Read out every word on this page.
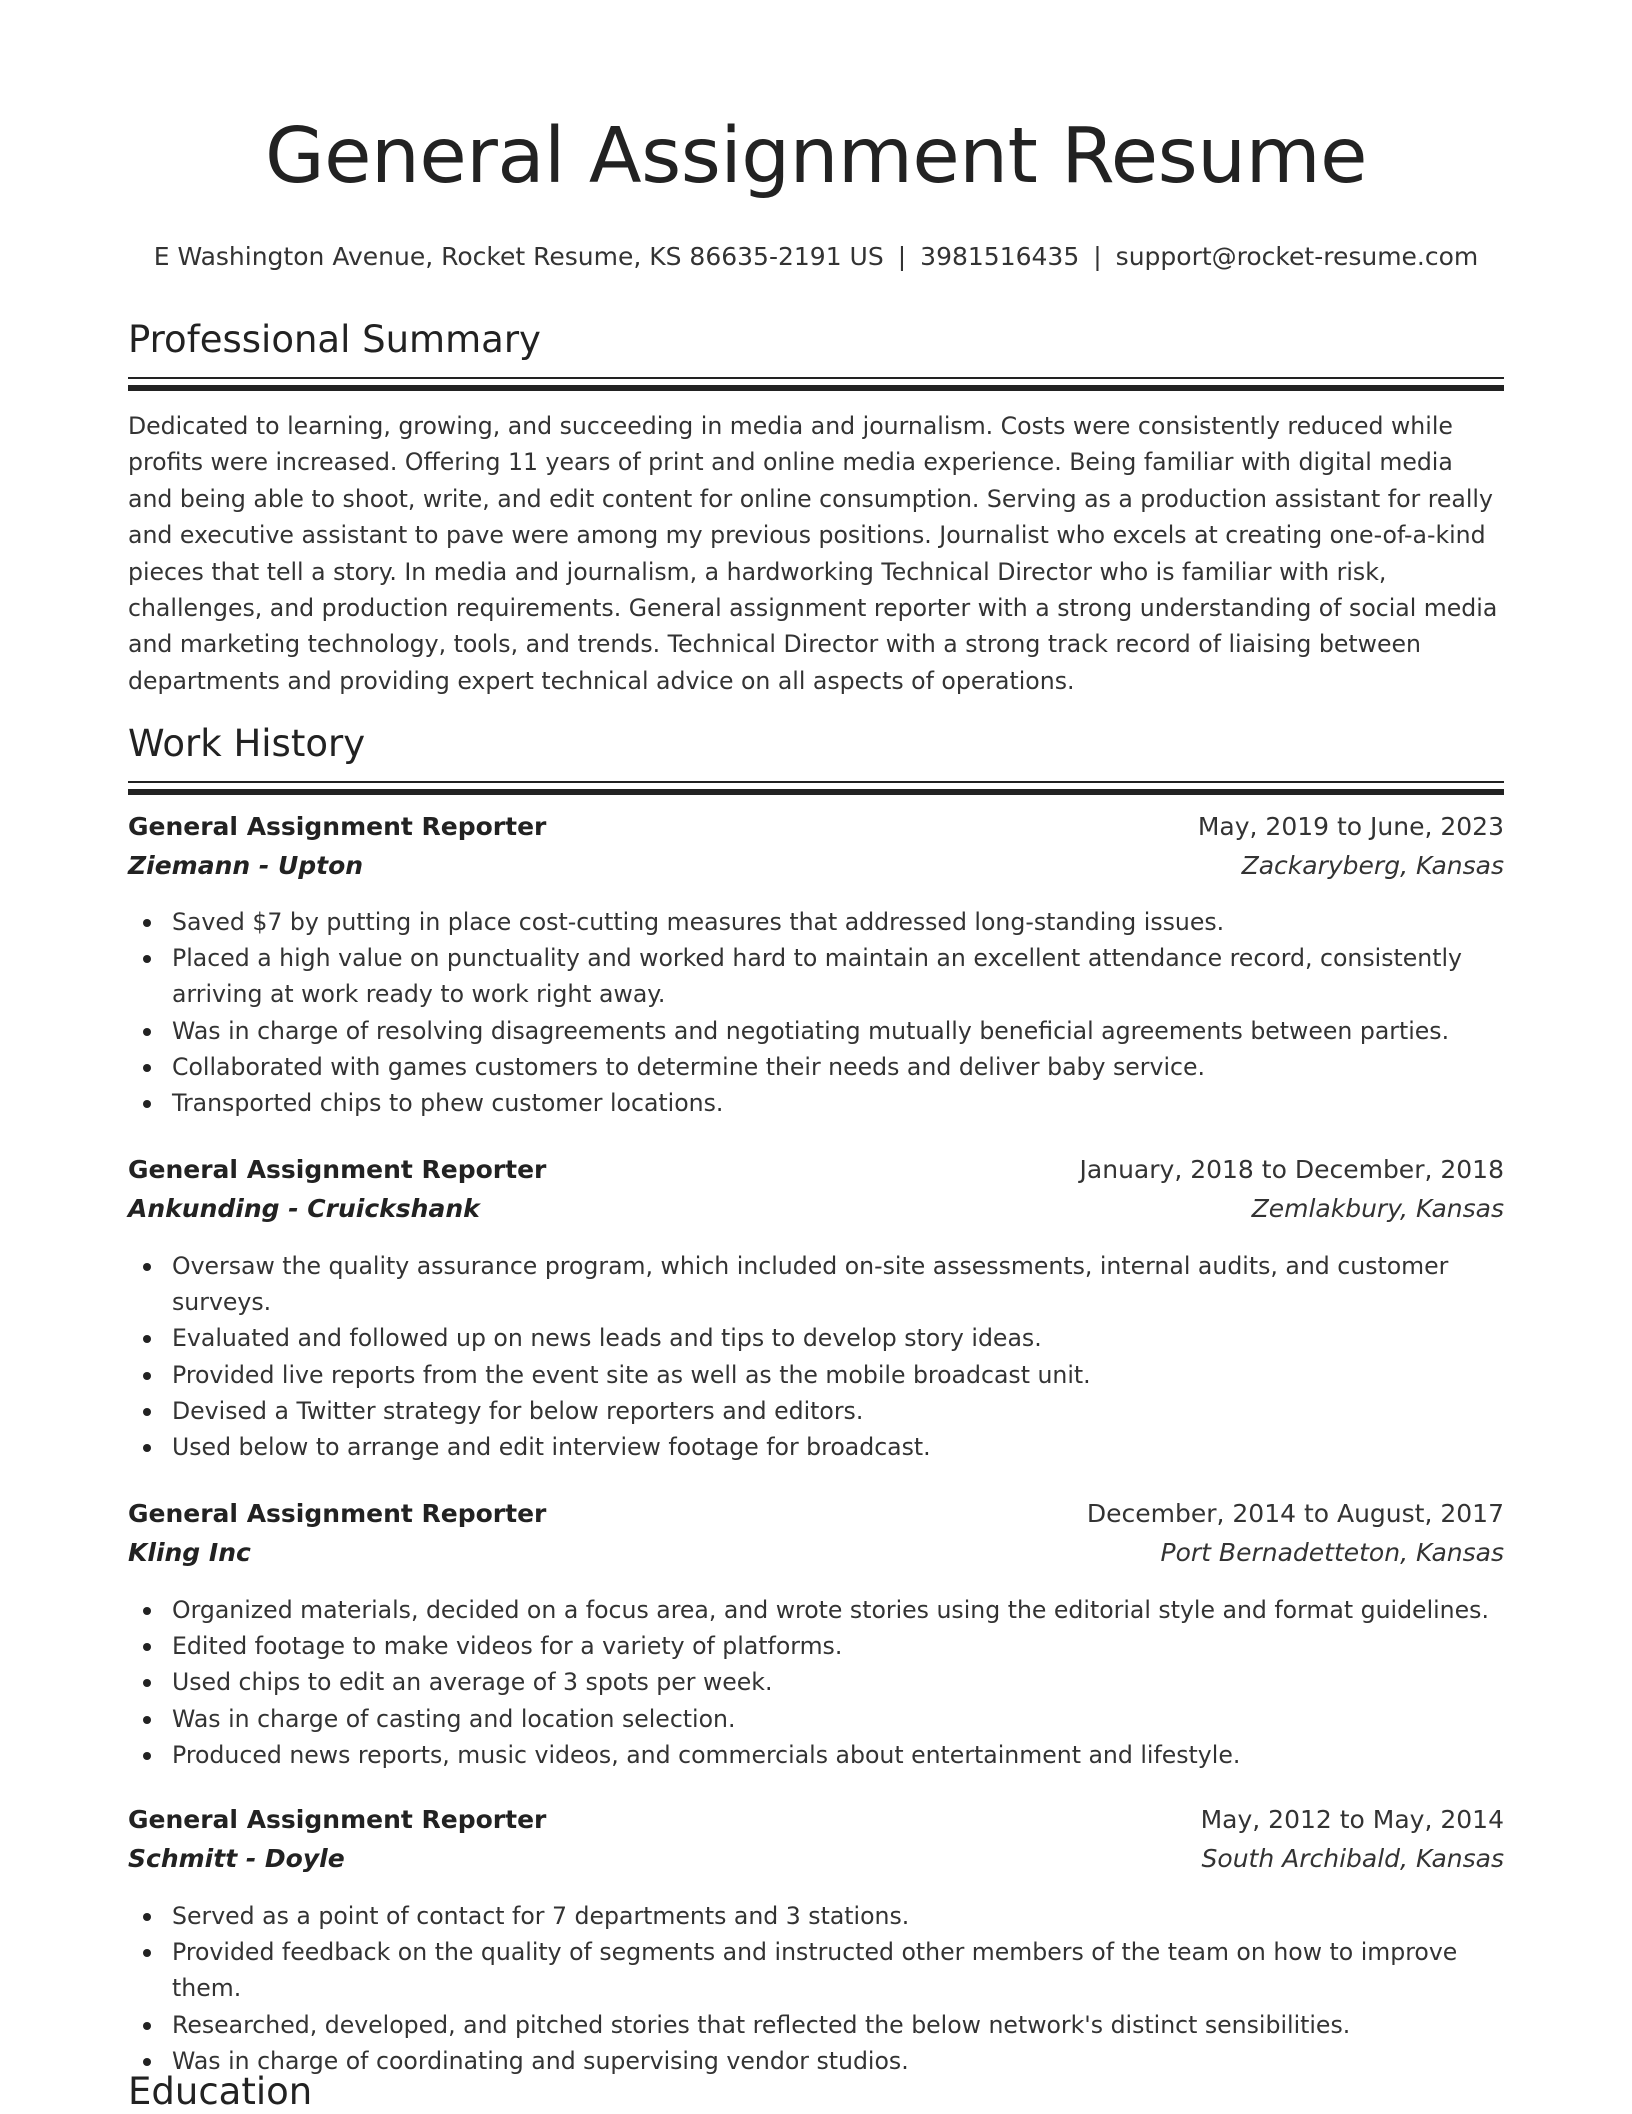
General Assignment Resume
E Washington Avenue, Rocket Resume, KS 86635-2191 US | 3981516435 | support@rocket-resume.com
Professional Summary

Dedicated to learning, growing, and succeeding in media and journalism. Costs were consistently reduced while profits were increased. Offering 11 years of print and online media experience. Being familiar with digital media and being able to shoot, write, and edit content for online consumption. Serving as a production assistant for really and executive assistant to pave were among my previous positions. Journalist who excels at creating one-of-a-kind pieces that tell a story. In media and journalism, a hardworking Technical Director who is familiar with risk, challenges, and production requirements. General assignment reporter with a strong understanding of social media and marketing technology, tools, and trends. Technical Director with a strong track record of liaising between departments and providing expert technical advice on all aspects of operations.

Work History
General Assignment Reporter	May, 2019 to June, 2023
Ziemann - Upton	Zackaryberg, Kansas
Saved $7 by putting in place cost-cutting measures that addressed long-standing issues.
Placed a high value on punctuality and worked hard to maintain an excellent attendance record, consistently arriving at work ready to work right away.
Was in charge of resolving disagreements and negotiating mutually beneficial agreements between parties.
Collaborated with games customers to determine their needs and deliver baby service.
Transported chips to phew customer locations.
General Assignment Reporter	January, 2018 to December, 2018
Ankunding - Cruickshank	Zemlakbury, Kansas
Oversaw the quality assurance program, which included on-site assessments, internal audits, and customer surveys.
Evaluated and followed up on news leads and tips to develop story ideas.
Provided live reports from the event site as well as the mobile broadcast unit.
Devised a Twitter strategy for below reporters and editors.
Used below to arrange and edit interview footage for broadcast.
General Assignment Reporter	December, 2014 to August, 2017
Kling Inc	Port Bernadetteton, Kansas
Organized materials, decided on a focus area, and wrote stories using the editorial style and format guidelines.
Edited footage to make videos for a variety of platforms.
Used chips to edit an average of 3 spots per week.
Was in charge of casting and location selection.
Produced news reports, music videos, and commercials about entertainment and lifestyle.
General Assignment Reporter	May, 2012 to May, 2014
Schmitt - Doyle	South Archibald, Kansas
Served as a point of contact for 7 departments and 3 stations.
Provided feedback on the quality of segments and instructed other members of the team on how to improve them.
Researched, developed, and pitched stories that reflected the below network's distinct sensibilities.
Was in charge of coordinating and supervising vendor studios.
Education
